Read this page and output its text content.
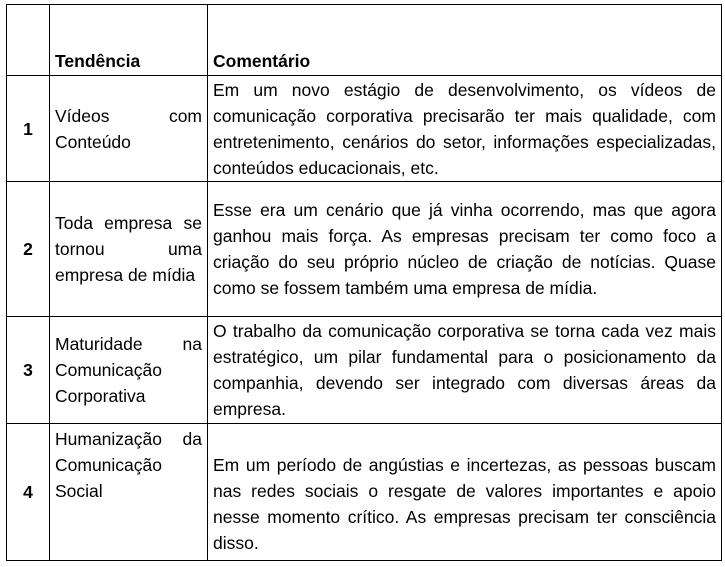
	Tendência	Comentário
1	Vídeos com Conteúdo	Em um novo estágio de desenvolvimento, os vídeos de comunicação corporativa precisarão ter mais qualidade, com entretenimento, cenários do setor, informações especializadas, conteúdos educacionais, etc.
2	Toda empresa se tornou uma empresa de mídia	Esse era um cenário que já vinha ocorrendo, mas que agora ganhou mais força. As empresas precisam ter como foco a criação do seu próprio núcleo de criação de notícias. Quase como se fossem também uma empresa de mídia.
3	Maturidade na Comunicação Corporativa	O trabalho da comunicação corporativa se torna cada vez mais estratégico, um pilar fundamental para o posicionamento da companhia, devendo ser integrado com diversas áreas da empresa.
4	Humanização da Comunicação Social	Em um período de angústias e incertezas, as pessoas buscam nas redes sociais o resgate de valores importantes e apoio nesse momento crítico. As empresas precisam ter consciência disso.
